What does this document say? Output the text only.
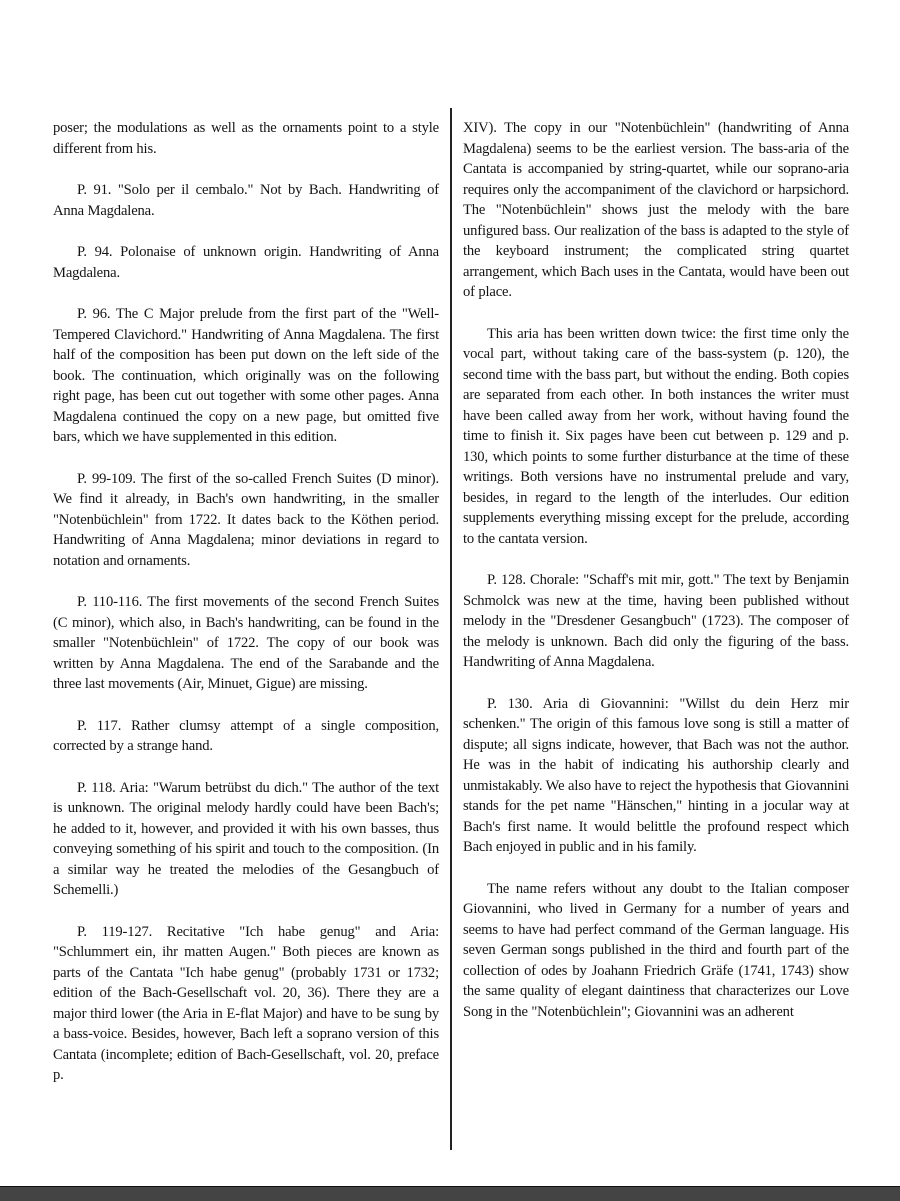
poser; the modulations as well as the ornaments point to a style different from his.

P. 91. "Solo per il cembalo." Not by Bach. Handwriting of Anna Magdalena.

P. 94. Polonaise of unknown origin. Handwriting of Anna Magdalena.

P. 96. The C Major prelude from the first part of the "Well-Tempered Clavichord." Handwriting of Anna Magdalena. The first half of the composition has been put down on the left side of the book. The continuation, which originally was on the following right page, has been cut out together with some other pages. Anna Magdalena continued the copy on a new page, but omitted five bars, which we have supplemented in this edition.

P. 99-109. The first of the so-called French Suites (D minor). We find it already, in Bach's own handwriting, in the smaller "Notenbüchlein" from 1722. It dates back to the Köthen period. Handwriting of Anna Magdalena; minor deviations in regard to notation and ornaments.

P. 110-116. The first movements of the second French Suites (C minor), which also, in Bach's handwriting, can be found in the smaller "Notenbüchlein" of 1722. The copy of our book was written by Anna Magdalena. The end of the Sarabande and the three last movements (Air, Minuet, Gigue) are missing.

P. 117. Rather clumsy attempt of a single composition, corrected by a strange hand.

P. 118. Aria: "Warum betrübst du dich." The author of the text is unknown. The original melody hardly could have been Bach's; he added to it, however, and provided it with his own basses, thus conveying something of his spirit and touch to the composition. (In a similar way he treated the melodies of the Gesangbuch of Schemelli.)

P. 119-127. Recitative "Ich habe genug" and Aria: "Schlummert ein, ihr matten Augen." Both pieces are known as parts of the Cantata "Ich habe genug" (probably 1731 or 1732; edition of the Bach-Gesellschaft vol. 20, 36). There they are a major third lower (the Aria in E-flat Major) and have to be sung by a bass-voice. Besides, however, Bach left a soprano version of this Cantata (incomplete; edition of Bach-Gesellschaft, vol. 20, preface p.

XIV). The copy in our "Notenbüchlein" (handwriting of Anna Magdalena) seems to be the earliest version. The bass-aria of the Cantata is accompanied by string-quartet, while our soprano-aria requires only the accompaniment of the clavichord or harpsichord. The "Notenbüchlein" shows just the melody with the bare unfigured bass. Our realization of the bass is adapted to the style of the keyboard instrument; the complicated string quartet arrangement, which Bach uses in the Cantata, would have been out of place.

This aria has been written down twice: the first time only the vocal part, without taking care of the bass-system (p. 120), the second time with the bass part, but without the ending. Both copies are separated from each other. In both instances the writer must have been called away from her work, without having found the time to finish it. Six pages have been cut between p. 129 and p. 130, which points to some further disturbance at the time of these writings. Both versions have no instrumental prelude and vary, besides, in regard to the length of the interludes. Our edition supplements everything missing except for the prelude, according to the cantata version.

P. 128. Chorale: "Schaff's mit mir, gott." The text by Benjamin Schmolck was new at the time, having been published without melody in the "Dresdener Gesangbuch" (1723). The composer of the melody is unknown. Bach did only the figuring of the bass. Handwriting of Anna Magdalena.

P. 130. Aria di Giovannini: "Willst du dein Herz mir schenken." The origin of this famous love song is still a matter of dispute; all signs indicate, however, that Bach was not the author. He was in the habit of indicating his authorship clearly and unmistakably. We also have to reject the hypothesis that Giovannini stands for the pet name "Hänschen," hinting in a jocular way at Bach's first name. It would belittle the profound respect which Bach enjoyed in public and in his family.

The name refers without any doubt to the Italian composer Giovannini, who lived in Germany for a number of years and seems to have had perfect command of the German language. His seven German songs published in the third and fourth part of the collection of odes by Joahann Friedrich Gräfe (1741, 1743) show the same quality of elegant daintiness that characterizes our Love Song in the "Notenbüchlein"; Giovannini was an adherent
